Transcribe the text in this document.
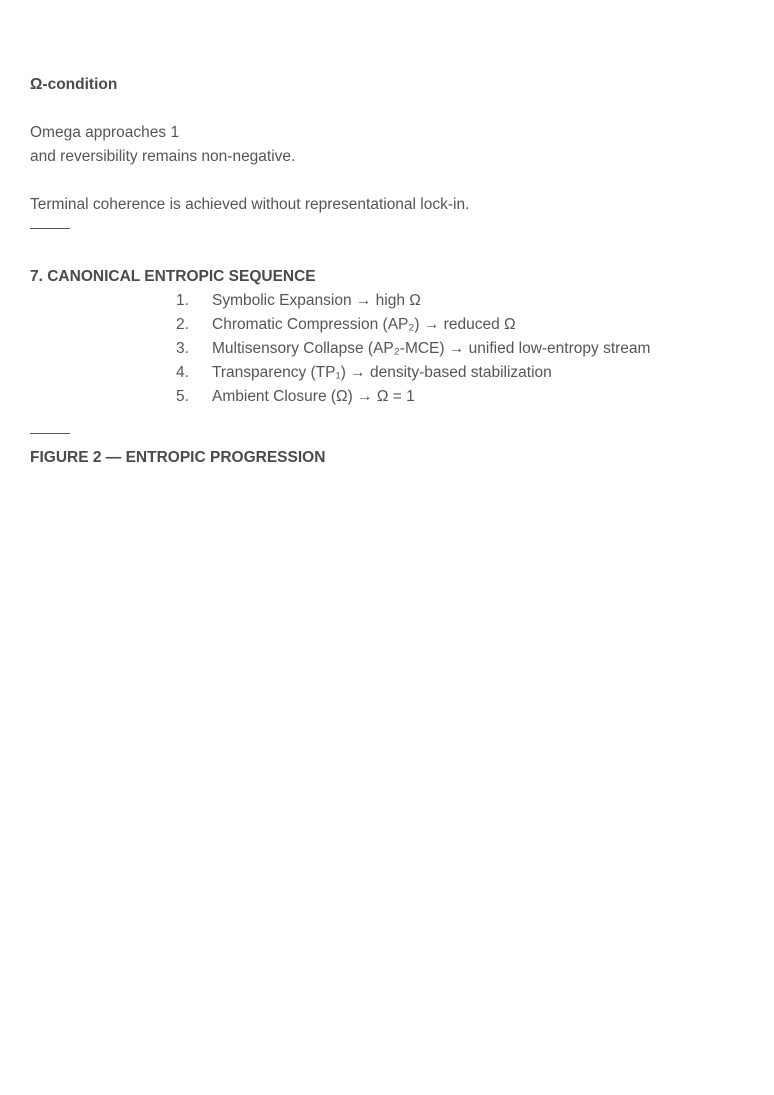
Ω-condition

Omega approaches 1
and reversibility remains non-negative.

Terminal coherence is achieved without representational lock-in.

7. CANONICAL ENTROPIC SEQUENCE
1.	Symbolic Expansion → high Ω
2.	Chromatic Compression (AP₂) → reduced Ω
3.	Multisensory Collapse (AP₂-MCE) → unified low-entropy stream
4.	Transparency (TP₁) → density-based stabilization
5.	Ambient Closure (Ω) → Ω = 1
FIGURE 2 — ENTROPIC PROGRESSION
